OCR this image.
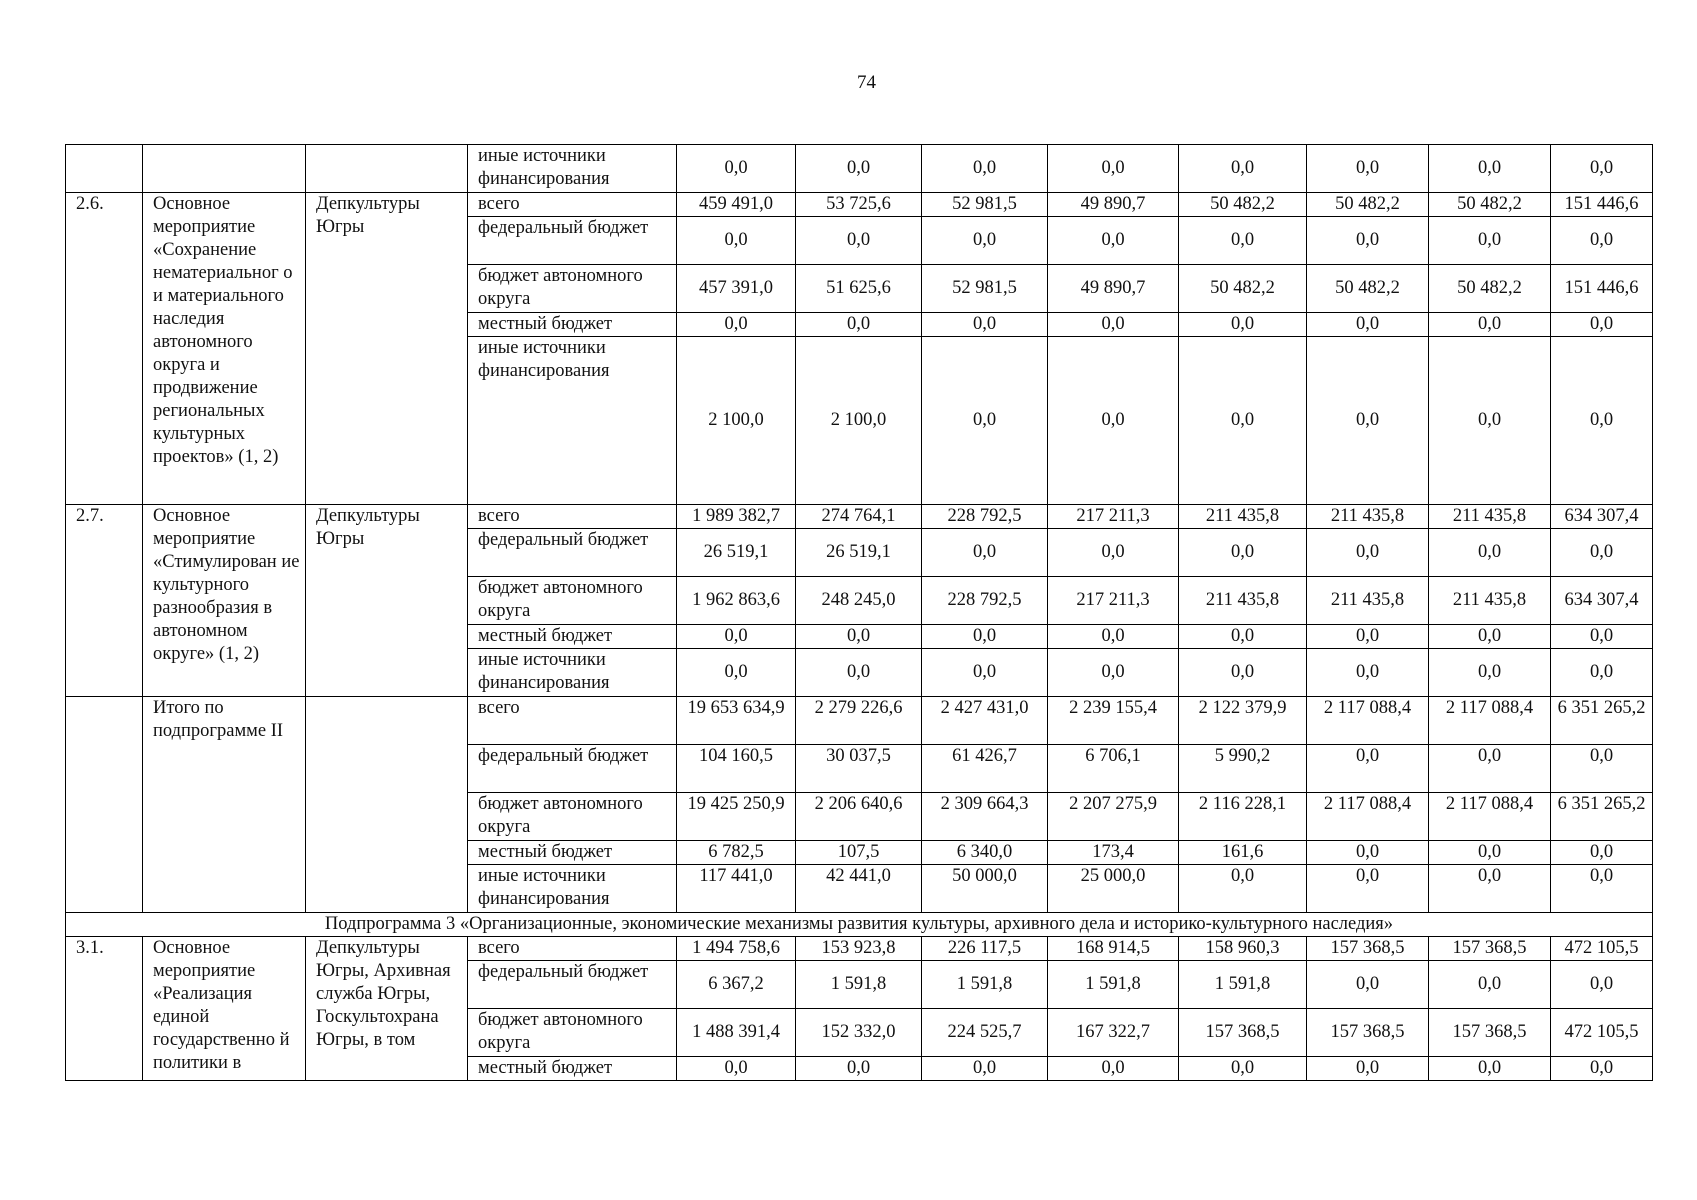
74
			иные источники финансирования	0,0	0,0	0,0	0,0	0,0	0,0	0,0	0,0
2.6.	Основное мероприятие «Сохранение нематериальног о и материального наследия автономного округа и продвижение региональных культурных проектов» (1, 2)	Депкультуры Югры	всего	459 491,0	53 725,6	52 981,5	49 890,7	50 482,2	50 482,2	50 482,2	151 446,6
			федеральный бюджет	0,0	0,0	0,0	0,0	0,0	0,0	0,0	0,0
			бюджет автономного округа	457 391,0	51 625,6	52 981,5	49 890,7	50 482,2	50 482,2	50 482,2	151 446,6
			местный бюджет	0,0	0,0	0,0	0,0	0,0	0,0	0,0	0,0
			иные источники финансирования	2 100,0	2 100,0	0,0	0,0	0,0	0,0	0,0	0,0
2.7.	Основное мероприятие «Стимулирован ие культурного разнообразия в автономном округе» (1, 2)	Депкультуры Югры	всего	1 989 382,7	274 764,1	228 792,5	217 211,3	211 435,8	211 435,8	211 435,8	634 307,4
			федеральный бюджет	26 519,1	26 519,1	0,0	0,0	0,0	0,0	0,0	0,0
			бюджет автономного округа	1 962 863,6	248 245,0	228 792,5	217 211,3	211 435,8	211 435,8	211 435,8	634 307,4
			местный бюджет	0,0	0,0	0,0	0,0	0,0	0,0	0,0	0,0
			иные источники финансирования	0,0	0,0	0,0	0,0	0,0	0,0	0,0	0,0
	Итого по подпрограмме II		всего	19 653 634,9	2 279 226,6	2 427 431,0	2 239 155,4	2 122 379,9	2 117 088,4	2 117 088,4	6 351 265,2
			федеральный бюджет	104 160,5	30 037,5	61 426,7	6 706,1	5 990,2	0,0	0,0	0,0
			бюджет автономного округа	19 425 250,9	2 206 640,6	2 309 664,3	2 207 275,9	2 116 228,1	2 117 088,4	2 117 088,4	6 351 265,2
			местный бюджет	6 782,5	107,5	6 340,0	173,4	161,6	0,0	0,0	0,0
			иные источники финансирования	117 441,0	42 441,0	50 000,0	25 000,0	0,0	0,0	0,0	0,0
Подпрограмма 3 «Организационные, экономические механизмы развития культуры, архивного дела и историко-культурного наследия»											
3.1.	Основное мероприятие «Реализация единой государственно й политики в	Депкультуры Югры, Архивная служба Югры, Госкультохрана Югры, в том	всего	1 494 758,6	153 923,8	226 117,5	168 914,5	158 960,3	157 368,5	157 368,5	472 105,5
			федеральный бюджет	6 367,2	1 591,8	1 591,8	1 591,8	1 591,8	0,0	0,0	0,0
			бюджет автономного округа	1 488 391,4	152 332,0	224 525,7	167 322,7	157 368,5	157 368,5	157 368,5	472 105,5
			местный бюджет	0,0	0,0	0,0	0,0	0,0	0,0	0,0	0,0
